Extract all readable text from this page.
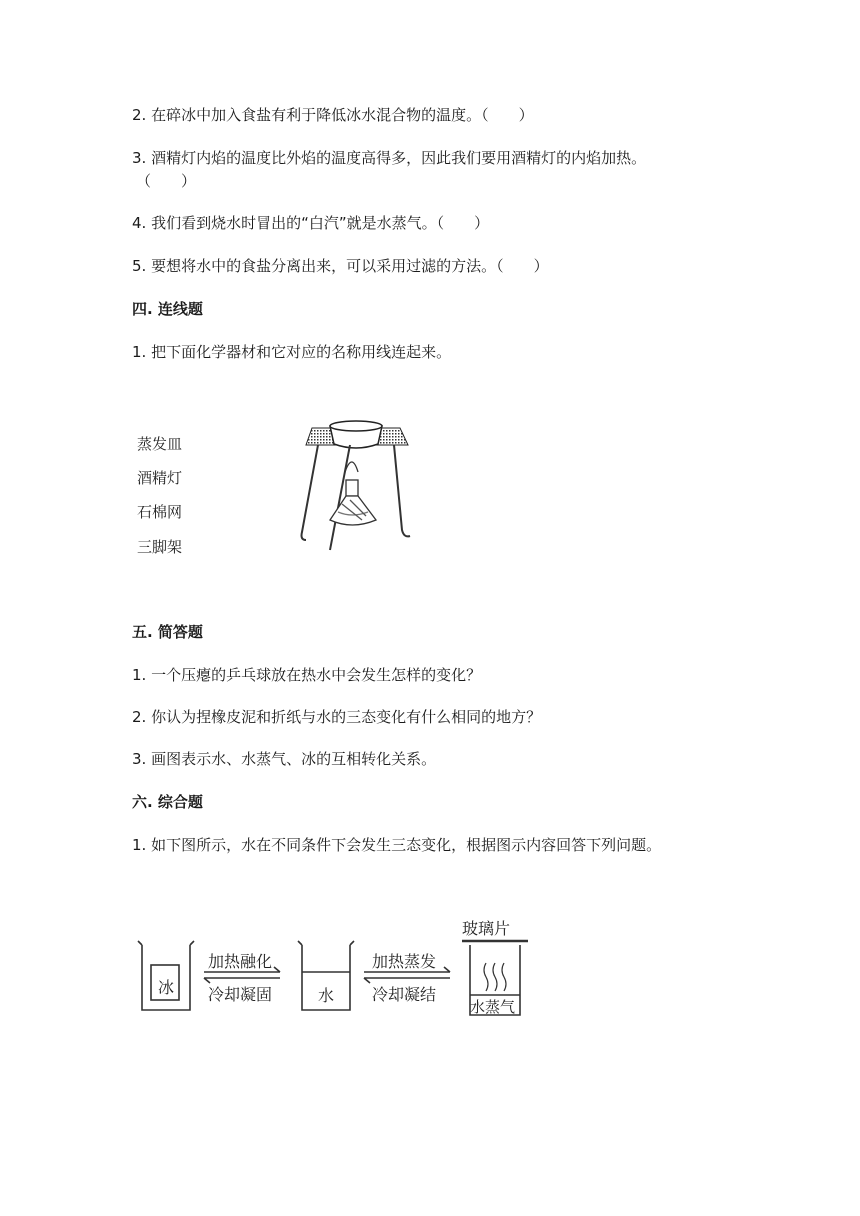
2. 在碎冰中加入食盐有利于降低冰水混合物的温度。（　　）
3. 酒精灯内焰的温度比外焰的温度高得多，因此我们要用酒精灯的内焰加热。
（　　）
4. 我们看到烧水时冒出的“白汽”就是水蒸气。（　　）
5. 要想将水中的食盐分离出来，可以采用过滤的方法。（　　）
四. 连线题
1. 把下面化学器材和它对应的名称用线连起来。
蒸发皿
酒精灯
石棉网
三脚架
五. 简答题
1. 一个压瘪的乒乓球放在热水中会发生怎样的变化？
2. 你认为捏橡皮泥和折纸与水的三态变化有什么相同的地方？
3. 画图表示水、水蒸气、冰的互相转化关系。
六. 综合题
1. 如下图所示，水在不同条件下会发生三态变化，根据图示内容回答下列问题。
冰	水
水蒸气
玻璃片
加热融化
冷却凝固
加热蒸发
冷却凝结
